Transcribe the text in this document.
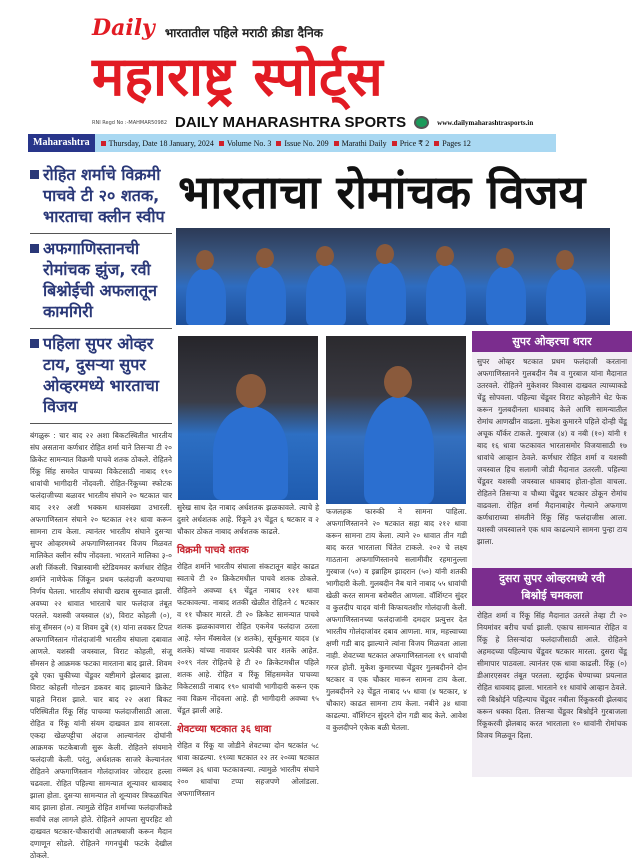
Daily भारतातील पहिले मराठी क्रीडा दैनिक
महाराष्ट्र स्पोर्ट्स
RNI Regd No :-MAHMAR50982 DAILY MAHARASHTRA SPORTS	www.dailymaharashtrasports.in
Maharashtra	Thursday, Date 18 January, 2024 Volume No. 3 Issue No. 209 Marathi Daily Price ₹ 2 Pages 12
रोहित शर्माचे विक्रमी पाचवे टी २० शतक, भारताचा क्लीन स्वीप
अफगाणिस्तानची रोमांचक झुंज, रवी बिश्नोईची अफलातून कामगिरी
पहिला सुपर ओव्हर टाय, दुसऱ्या सुपर ओव्हरमध्ये भारताचा विजय
बंगळुरू : चार बाद २२ अशा बिकटस्थितीत भारतीय संघ असताना कर्णधार रोहित शर्मा याने तिसऱ्या टी २० क्रिकेट सामन्यात विक्रमी पाचवे शतक ठोकले. रोहितने रिंकू सिंह समवेत पाचव्या विकेटसाठी नाबाद १९० धावांची भागीदारी नोंदवली. रोहित-रिंकूच्या स्फोटक फलंदाजीच्या बळावर भारतीय संघाने २० षटकात चार बाद २१२ अशी भक्कम धावसंख्या उभारली. अफगाणिस्तान संघाने २० षटकात २१२ धावा करून सामना टाय केला. त्यानंतर भारतीय संघाने दुसऱ्या सुपर ओव्हरमध्ये अफगाणिस्तानवर विजय मिळवत मालिकेत क्लीन स्वीप नोंदवला. भारताने मालिका ३-० अशी जिंकली. चिन्नास्वामी स्टेडियमवर कर्णधार रोहित शर्माने नाणेफेक जिंकून प्रथम फलंदाजी करण्याचा निर्णय घेतला. भारतीय संघाची खराब सुरुवात झाली. अवघ्या २२ धावात भारताचे चार फलंदाज तंबूत परतले. यशस्वी जयस्वाल (४), विराट कोहली (०), संजू सॅमसन (०) व शिवम दुबे (१) यांना लवकर टिपत अफगाणिस्तान गोलंदाजांनी भारतीय संघाला दबावात आणले. यशस्वी जयस्वाल, विराट कोहली, संजू सॅमसन हे आक्रमक फटका मारताना बाद झाले. शिवम दुबे एका चुकीच्या चेंडूवर यष्टीमागे झेलबाद झाला. विराट कोहली गोल्डन डकवर बाद झाल्याने क्रिकेट चाहते निराश झाले. चार बाद २२ अशा बिकट परिस्थितीत रिंकू सिंह पाचव्या फलंदाजीसाठी आला. रोहित व रिंकू यांनी संयम दाखवत डाव सावरला. एकदा खेळपट्टीचा अंदाज आल्यानंतर दोघांनी आक्रमक फटकेबाजी सुरू केली. रोहितने संयमाने फलंदाजी केली. परंतु, अर्धशतक साजरे केल्यानंतर रोहितने अफगाणिस्तान गोलंदाजांवर जोरदार हल्ला चढवला. रोहित पहिल्या सामन्यात शून्यावर धावबाद झाला होता. दुसऱ्या सामन्यात तो शून्यावर त्रिफळाचित बाद झाला होता. त्यामुळे रोहित शर्माच्या फलंदाजीकडे सर्वांचे लक्ष लागले होते. रोहितने आपला सुपरहिट शो दाखवत षटकार-चौकारांची आतषबाजी करून मैदान दणाणून सोडले. रोहितने गगनचुंबी फटके देखील ठोकले.
भारताचा रोमांचक विजय

सुरेख साथ देत नाबाद अर्धशतक झळकावले. त्याचे हे दुसरे अर्धशतक आहे. रिंकूने ३९ चेंडूत ६ षटकार व २ चौकार ठोकत नाबाद अर्धशतक काढले.

विक्रमी पाचवे शतक

रोहित शर्माने भारतीय संघाला संकटातून बाहेर काढत स्वतःचे टी २० क्रिकेटमधील पाचवे शतक ठोकले. रोहितने अवघ्या ६९ चेंडूत नाबाद १२१ धावा फटकावल्या. नाबाद शतकी खेळीत रोहितने ८ षटकार व ११ चौकार मारले. टी २० क्रिकेट सामन्यात पाचवे शतक झळकावणारा रोहित एकमेव फलंदाज ठरला आहे. ग्लेन मॅक्सवेल (४ शतके), सूर्यकुमार यादव (४ शतके) यांच्या नावावर प्रत्येकी चार शतके आहेत. २०१९ नंतर रोहितचे हे टी २० क्रिकेटमधील पहिले शतक आहे. रोहित व रिंकू सिंहसमवेत पाचव्या विकेटसाठी नाबाद १९० धावांची भागीदारी करून एक नवा विक्रम नोंदवला आहे. ही भागीदारी अवघ्या ९५ चेंडूत झाली आहे.

शेवटच्या षटकात ३६ धावा

रोहित व रिंकू या जोडीने शेवटच्या दोन षटकांत ५८ धावा काढल्या. १९व्या षटकात २२ तर २०व्या षटकात तब्बल ३६ धावा फटकावल्या. त्यामुळे भारतीय संघाने २०० धावांचा टप्पा सहजपणे ओलांडला. अफगाणिस्तान

फजलहक फारुकी ने सामना पाहिला. अफगाणिस्तानने २० षटकात सहा बाद २१२ धावा करून सामना टाय केला. त्याने २० धावात तीन गडी बाद करत भारताला चिंतेत टाकले. २०२ चे लक्ष्य गाठताना अफगाणिस्तानचे सलामीवीर रहमानुल्ला गुरबाज (५०) व इब्राहिम झादरान (५०) यांनी शतकी भागीदारी केली. गुलबदीन नैब याने नाबाद ५५ धावांची खेळी करत सामना बरोबरीत आणला. वॉशिंग्टन सुंदर व कुलदीप यादव यांनी किफायतशीर गोलंदाजी केली. अफगाणिस्तानच्या फलंदाजांनी दमदार प्रत्युत्तर देत भारतीय गोलंदाजांवर दबाव आणला. मात्र, महत्त्वाच्या क्षणी गडी बाद झाल्याने त्यांना विजय मिळवता आला नाही. शेवटच्या षटकात अफगाणिस्तानला १९ धावांची गरज होती. मुकेश कुमारच्या चेंडूवर गुलबदीनने दोन षटकार व एक चौकार मारून सामना टाय केला. गुलबदीनने २३ चेंडूत नाबाद ५५ धावा (४ षटकार, ४ चौकार) काढत सामना टाय केला. नबीने ३४ धावा काढल्या. वॉशिंग्टन सुंदरने दोन गडी बाद केले. आवेश व कुलदीपने एकेक बळी घेतला.
सुपर ओव्हरचा थरार
सुपर ओव्हर षटकात प्रथम फलंदाजी करताना अफगाणिस्तानने गुलबदीन नैब व गुरबाज यांना मैदानात उतरवले. रोहितने मुकेशवर विश्वास दाखवत त्याच्याकडे चेंडू सोपवला. पहिल्या चेंडूवर विराट कोहलीने थेट फेक करून गुलबदीनला धावबाद केले आणि सामन्यातील रोमांच आणखीन वाढला. मुकेश कुमारने पहिले दोन्ही चेंडू अचूक यॉर्कर टाकले. गुरबाज (४) व नबी (१०) यांनी १ बाद १६ धावा फटकावत भारतासमोर विजयासाठी १७ धावांचे आव्हान ठेवले. कर्णधार रोहित शर्मा व यशस्वी जयस्वाल हिच सलामी जोडी मैदानात उतरली. पहिल्या चेंडूवर यशस्वी जयस्वाल धावबाद होता-होता वाचला. रोहितने तिसऱ्या व चौथ्या चेंडूवर षटकार ठोकून रोमांच वाढवला. रोहित शर्मा मैदानाबाहेर गेल्याने अफगाण कर्णधाराच्या संमतीने रिंकू सिंह फलंदाजीस आला. यशस्वी जयस्वालने एक धाव काढल्याने सामना पुन्हा टाय झाला.
दुसरा सुपर ओव्हरमध्ये रवी बिश्नोई चमकला
रोहित शर्मा व रिंकू सिंह मैदानात उतरले तेव्हा टी २० नियमांवर बरीच चर्चा झाली. एकाच सामन्यात रोहित व रिंकू हे तिसऱ्यांदा फलंदाजीसाठी आले. रोहितने अहमदच्या पहिल्याच चेंडूवर षटकार मारला. दुसरा चेंडू सीमापार पाठवला. त्यानंतर एक धावा काढली. रिंकू (०) डीआरएसवर तंबूत परतला. स्ट्राईक घेण्याच्या प्रयत्नात रोहित धावबाद झाला. भारताने ११ धावांचे आव्हान ठेवले. रवी बिश्नोईने पहिल्याच चेंडूवर नबीला रिंकूकरवी झेलबाद करून धक्का दिला. तिसऱ्या चेंडूवर बिश्नोईने गुरबाजला रिंकूकरवी झेलबाद करत भारताला १० धावांनी रोमांचक विजय मिळवून दिला.
